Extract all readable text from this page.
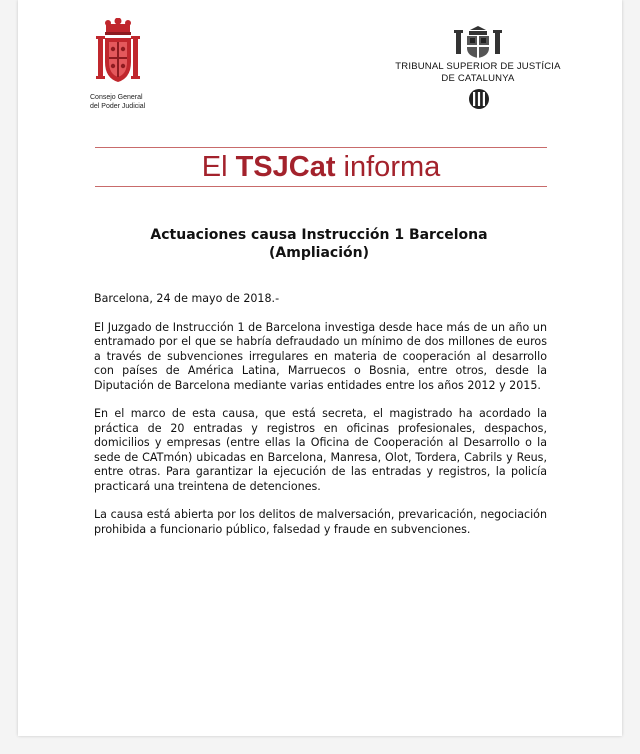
Consejo General
del Poder Judicial
TRIBUNAL SUPERIOR DE JUSTÍCIA
DE CATALUNYA
El TSJCat informa
Actuaciones causa Instrucción 1 Barcelona
(Ampliación)

Barcelona, 24 de mayo de 2018.-

El Juzgado de Instrucción 1 de Barcelona investiga desde hace más de un año un entramado por el que se habría defraudado un mínimo de dos millones de euros a través de subvenciones irregulares en materia de cooperación al desarrollo con países de América Latina, Marruecos o Bosnia, entre otros, desde la Diputación de Barcelona mediante varias entidades entre los años 2012 y 2015.

En el marco de esta causa, que está secreta, el magistrado ha acordado la práctica de 20 entradas y registros en oficinas profesionales, despachos, domicilios y empresas (entre ellas la Oficina de Cooperación al Desarrollo o la sede de CATmón) ubicadas en Barcelona, Manresa, Olot, Tordera, Cabrils y Reus, entre otras. Para garantizar la ejecución de las entradas y registros, la policía practicará una treintena de detenciones.

La causa está abierta por los delitos de malversación, prevaricación, negociación prohibida a funcionario público, falsedad y fraude en subvenciones.
